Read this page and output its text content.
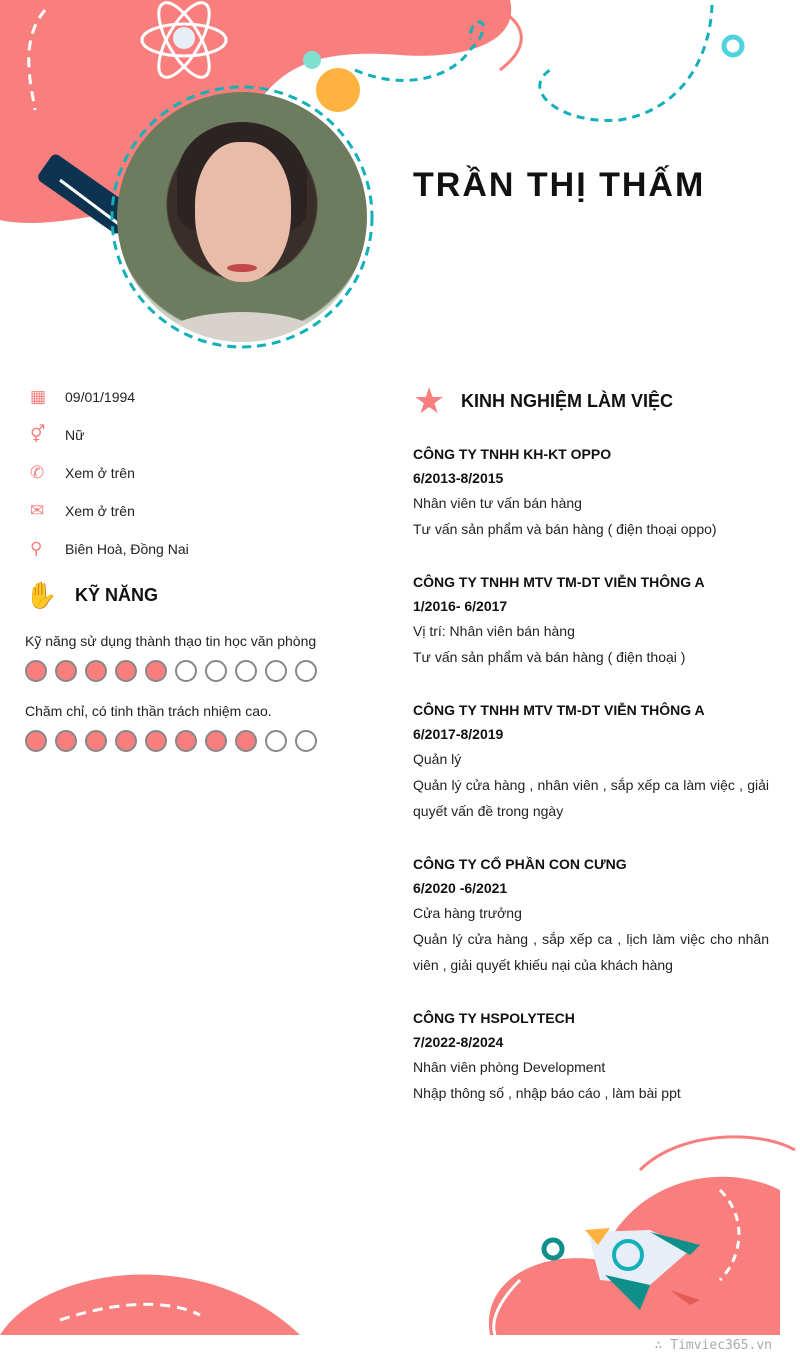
TRẦN THỊ THẤM
▦	09/01/1994
⚥	Nữ
✆	Xem ở trên
✉	Xem ở trên
⚲	Biên Hoà, Đồng Nai
✋ KỸ NĂNG
Kỹ năng sử dụng thành thạo tin học văn phòng
Chăm chỉ, có tinh thần trách nhiệm cao.
★ KINH NGHIỆM LÀM VIỆC
CÔNG TY TNHH KH-KT OPPO
6/2013-8/2015
Nhân viên tư vấn bán hàng
Tư vấn sản phẩm và bán hàng ( điện thoại oppo)
CÔNG TY TNHH MTV TM-DT VIỄN THÔNG A
1/2016- 6/2017
Vị trí: Nhân viên bán hàng
Tư vấn sản phẩm và bán hàng ( điện thoại )
CÔNG TY TNHH MTV TM-DT VIỄN THÔNG A
6/2017-8/2019
Quản lý
Quản lý cửa hàng , nhân viên , sắp xếp ca làm việc , giải quyết vấn đề trong ngày
CÔNG TY CỔ PHẦN CON CƯNG
6/2020 -6/2021
Cửa hàng trưởng
Quản lý cửa hàng , sắp xếp ca , lịch làm việc cho nhân viên , giải quyết khiếu nại của khách hàng
CÔNG TY HSPOLYTECH
7/2022-8/2024
Nhân viên phòng Development
Nhập thông số , nhập báo cáo , làm bài ppt
∴ Timviec365.vn
